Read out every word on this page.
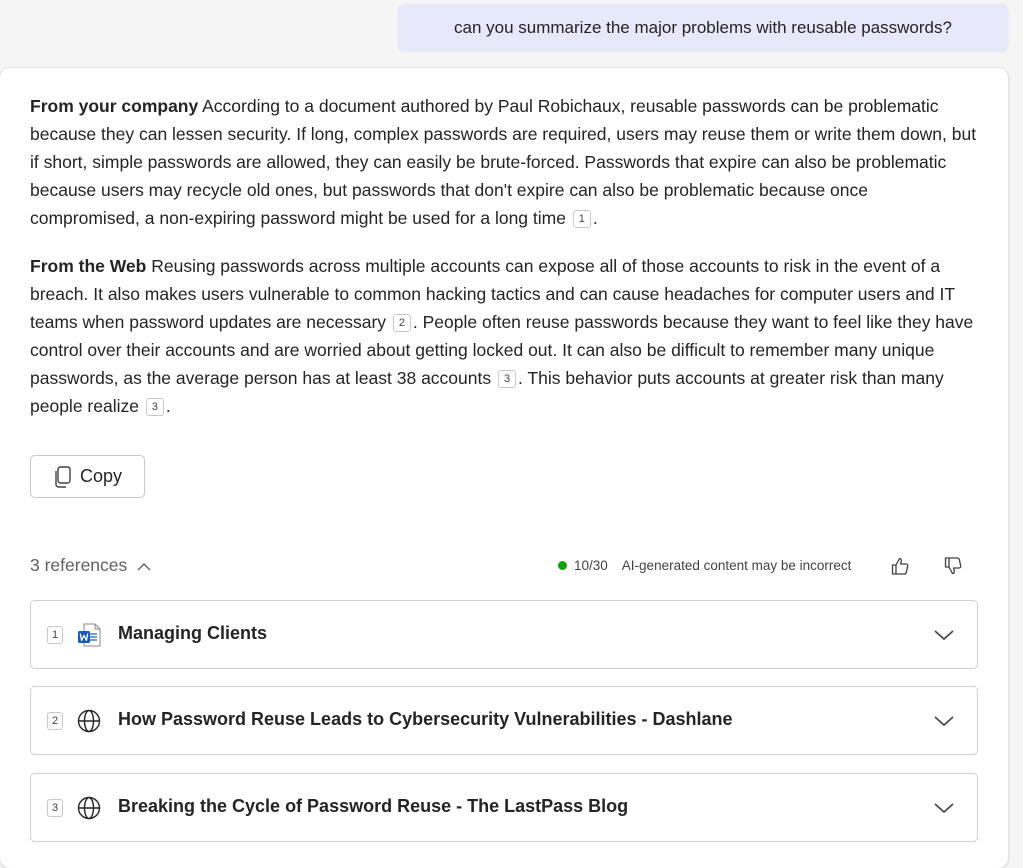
can you summarize the major problems with reusable passwords?

From your company According to a document authored by Paul Robichaux, reusable passwords can be problematic because they can lessen security. If long, complex passwords are required, users may reuse them or write them down, but if short, simple passwords are allowed, they can easily be brute-forced. Passwords that expire can also be problematic because users may recycle old ones, but passwords that don't expire can also be problematic because once compromised, a non-expiring password might be used for a long time 1 .

From the Web Reusing passwords across multiple accounts can expose all of those accounts to risk in the event of a breach. It also makes users vulnerable to common hacking tactics and can cause headaches for computer users and IT teams when password updates are necessary 2 . People often reuse passwords because they want to feel like they have control over their accounts and are worried about getting locked out. It can also be difficult to remember many unique passwords, as the average person has at least 38 accounts 3 . This behavior puts accounts at greater risk than many people realize 3 .

Copy
3 references	10/30 AI-generated content may be incorrect
1	Managing Clients
2	How Password Reuse Leads to Cybersecurity Vulnerabilities - Dashlane
3	Breaking the Cycle of Password Reuse - The LastPass Blog
